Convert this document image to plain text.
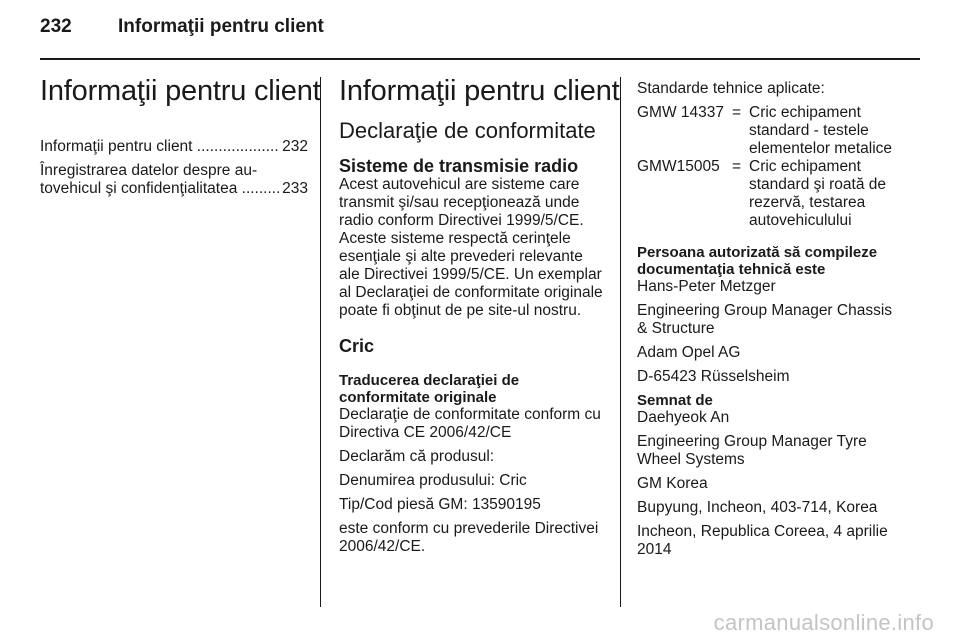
232 Informaţii pentru client
Informaţii pentru client
Informaţii pentru client .....	232
Înregistrarea datelor despre au-
tovehicul şi confidenţialitatea .....	233
Informaţii pentru client
Declaraţie de conformitate
Sisteme de transmisie radio

Acest autovehicul are sisteme care transmit şi/sau recepţionează unde radio conform Directivei 1999/5/CE. Aceste sisteme respectă cerinţele esenţiale şi alte prevederi relevante ale Directivei 1999/5/CE. Un exemplar al Declaraţiei de conformitate originale poate fi obţinut de pe site-ul nostru.

Cric
Traducerea declaraţiei de conformitate originale

Declaraţie de conformitate conform cu Directiva CE 2006/42/CE

Declarăm că produsul:

Denumirea produsului: Cric

Tip/Cod piesă GM: 13590195

este conform cu prevederile Directivei 2006/42/CE.

Standarde tehnice aplicate:

GMW 14337 = Cric echipament standard - testele elementelor metalice
GMW15005 = Cric echipament standard şi roată de rezervă, testarea autovehiculului
Persoana autorizată să compileze documentaţia tehnică este

Hans-Peter Metzger

Engineering Group Manager Chassis & Structure

Adam Opel AG

D-65423 Rüsselsheim

Semnat de

Daehyeok An

Engineering Group Manager Tyre Wheel Systems

GM Korea

Bupyung, Incheon, 403-714, Korea

Incheon, Republica Coreea, 4 aprilie 2014

carmanualsonline.info
